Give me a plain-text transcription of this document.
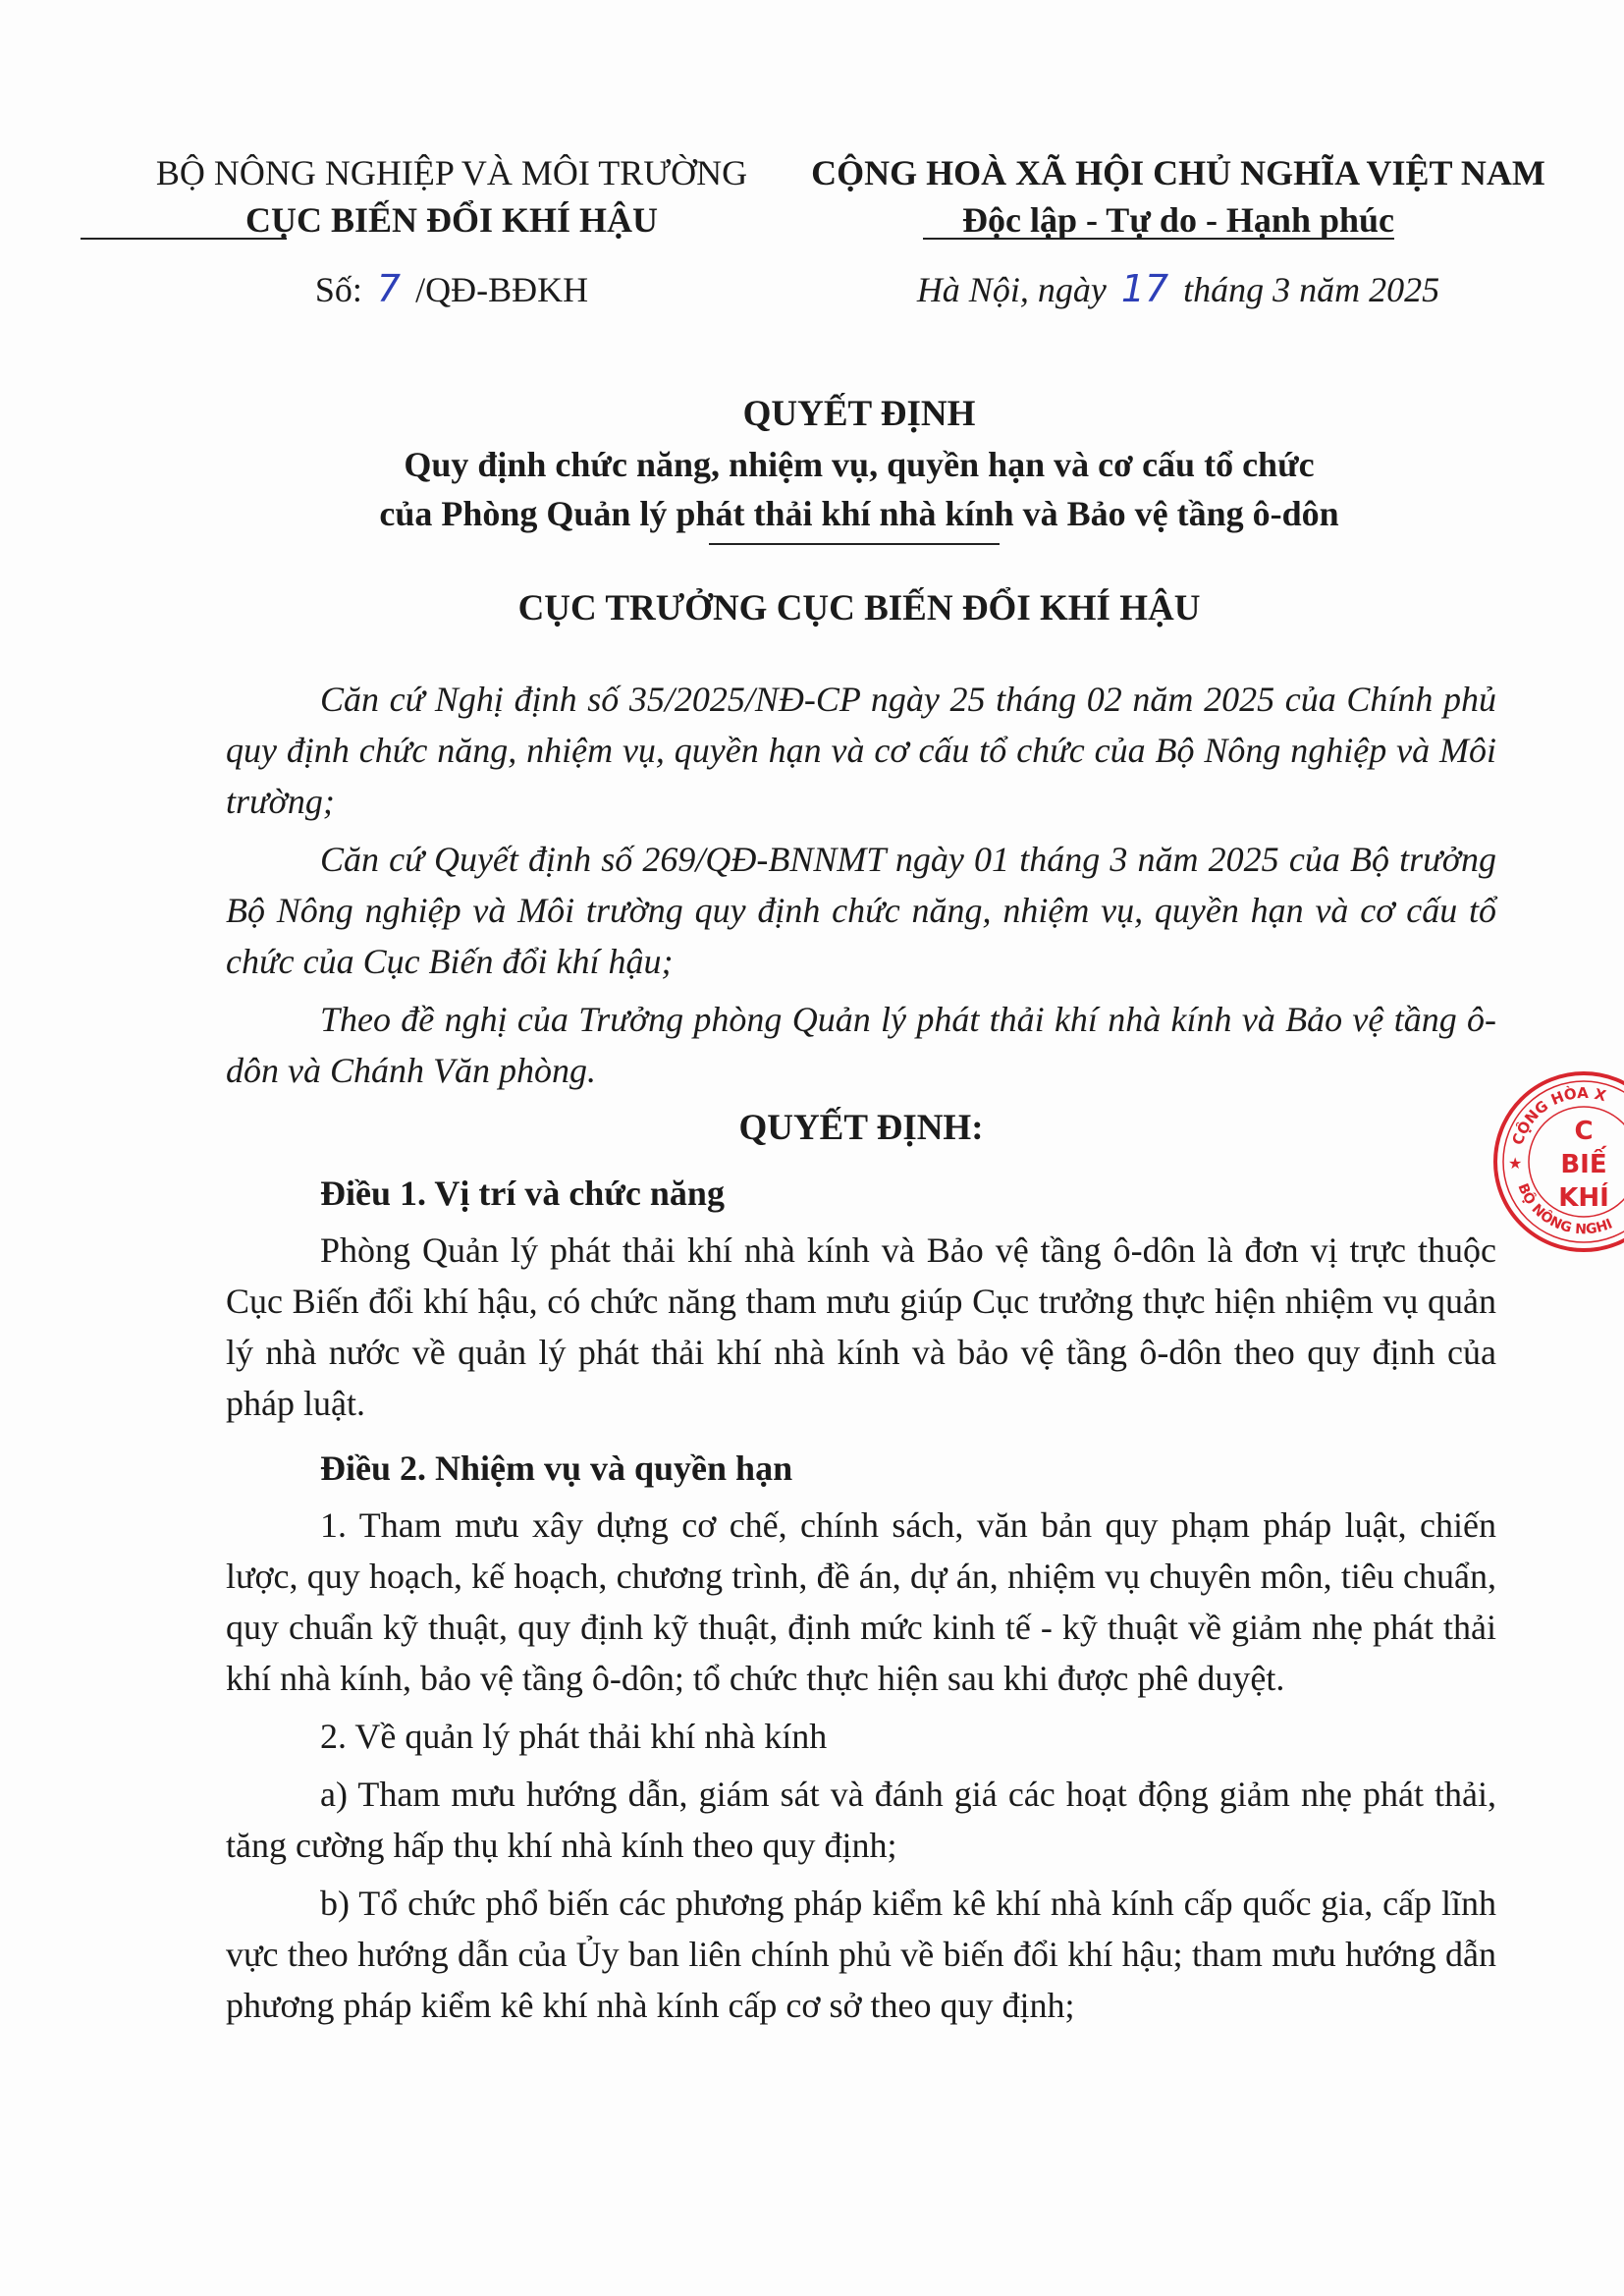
BỘ NÔNG NGHIỆP VÀ MÔI TRƯỜNG
CỤC BIẾN ĐỔI KHÍ HẬU
CỘNG HOÀ XÃ HỘI CHỦ NGHĨA VIỆT NAM
Độc lập - Tự do - Hạnh phúc
Số: 7 /QĐ-BĐKH	Hà Nội, ngày 17 tháng 3 năm 2025
QUYẾT ĐỊNH
Quy định chức năng, nhiệm vụ, quyền hạn và cơ cấu tổ chức
của Phòng Quản lý phát thải khí nhà kính và Bảo vệ tầng ô-dôn
CỤC TRƯỞNG CỤC BIẾN ĐỔI KHÍ HẬU

Căn cứ Nghị định số 35/2025/NĐ-CP ngày 25 tháng 02 năm 2025 của Chính phủ quy định chức năng, nhiệm vụ, quyền hạn và cơ cấu tổ chức của Bộ Nông nghiệp và Môi trường;

Căn cứ Quyết định số 269/QĐ-BNNMT ngày 01 tháng 3 năm 2025 của Bộ trưởng Bộ Nông nghiệp và Môi trường quy định chức năng, nhiệm vụ, quyền hạn và cơ cấu tổ chức của Cục Biến đổi khí hậu;

Theo đề nghị của Trưởng phòng Quản lý phát thải khí nhà kính và Bảo vệ tầng ô-dôn và Chánh Văn phòng.

QUYẾT ĐỊNH:
Điều 1. Vị trí và chức năng

Phòng Quản lý phát thải khí nhà kính và Bảo vệ tầng ô-dôn là đơn vị trực thuộc Cục Biến đổi khí hậu, có chức năng tham mưu giúp Cục trưởng thực hiện nhiệm vụ quản lý nhà nước về quản lý phát thải khí nhà kính và bảo vệ tầng ô-dôn theo quy định của pháp luật.

Điều 2. Nhiệm vụ và quyền hạn

1. Tham mưu xây dựng cơ chế, chính sách, văn bản quy phạm pháp luật, chiến lược, quy hoạch, kế hoạch, chương trình, đề án, dự án, nhiệm vụ chuyên môn, tiêu chuẩn, quy chuẩn kỹ thuật, quy định kỹ thuật, định mức kinh tế - kỹ thuật về giảm nhẹ phát thải khí nhà kính, bảo vệ tầng ô-dôn; tổ chức thực hiện sau khi được phê duyệt.

2. Về quản lý phát thải khí nhà kính

a) Tham mưu hướng dẫn, giám sát và đánh giá các hoạt động giảm nhẹ phát thải, tăng cường hấp thụ khí nhà kính theo quy định;

b) Tổ chức phổ biến các phương pháp kiểm kê khí nhà kính cấp quốc gia, cấp lĩnh vực theo hướng dẫn của Ủy ban liên chính phủ về biến đổi khí hậu; tham mưu hướng dẫn phương pháp kiểm kê khí nhà kính cấp cơ sở theo quy định;

CỘNG HÒA X
BỘ NÔNG NGHI
★
C
BIẾ
KHÍ
